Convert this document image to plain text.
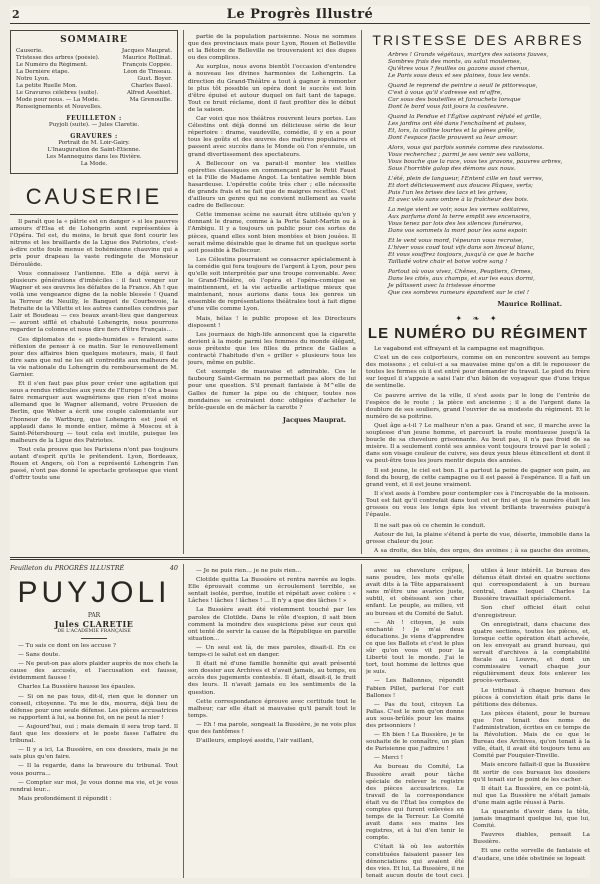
2	Le Progrès Illustré
SOMMAIRE
Causerie.
Tristesse des arbres (poésie).
Le Numéro du Régiment.
La Dernière étape.
Notre Lyon.
La petite Ruelle Mon.
Le Gravures célèbres (suite).
Mode pour nous. — La Mode.
Renseignements et Nouvelles.
Jacques Mauprat.
Maurice Rollinat.
François Coppée.
Léon de Tinseau.
Gust. Boyer.
Charles Basol.
Alfred Asséhiet.
Ma Grenouille.
FEUILLETON :
Puyjoli (suite). — Jules Claretie.
GRAVURES :
Portrait de M. Loir-Gairy.
L'Inauguration de Saint-Etienne.
Les Mannequins dans les Rivière.
La Mode.
CAUSERIE

Il paraît que la « pâtrie est en danger » si les pauvres amours d'Elsa et de Lohengrin sont représentées à l'Opéra. Tel est, du moins, le bruit que font courir les nitrons et les braillards de la Ligue des Patriotes, c'est-à-dire cette foule menue et bohémienne chauvine qui a pris pour drapeau la vaste redingote de Monsieur Déroulède.

Vous connaissez l'antienne. Elle a déjà servi à plusieurs générations d'imbéciles : il faut venger sur Wagner et ses œuvres les défaites de la France. Ah ! que voilà une vengeance digne de la noble blessée ! Quand la Terreur de Neuilly, le Banquet de Courbevoie, la Retraite de la Villette et les autres cannelles cendres par Lair et Boudeau — ces beaux avant-lieu que dangereux — auront sifflé et chahuté Lohengrin, nous pourrons regarder la colonne et nous dire fiers d'être Français…

Ces diplomates de « pieds-humides » feraient sans réflexion de penser à ce matin. Sur le renouvellement pour des affaires bien quelques moteurs, mais, il faut dire sans que nul ne les ait contredits aux malheurs de la vie nationale du Lohengrin du remboursement de M. Garnier.

Et il s'en faut pas plus pour créer une agitation qui sous a rendus ridicules aux yeux de l'Europe ! On a beau faire remarquer aux wagnériens que rien n'est moins allemand que le Wagner allemand, votre Prussien de Berlin, que Weber a écrit une couple calomniante sur l'honneur de Wartburg, que Lohengrin est joué et applaudi dans le monde entier, même à Moscou et à Saint-Pétersbourg — tout cela est inutile, puisque les malheurs de la Ligue des Patriotes.

Tout cela prouve que les Parisiens n'ont pas toujours autant d'esprit qu'ils le prétendent. Lyon, Bordeaux, Rouen et Angers, où l'on a représenté Lohengrin l'an passé, n'ont pas donné le spectacle grotesque que vient d'offrir toute une

partie de la population parisienne. Nous ne sommes que des provinciaux mais pour Lyon, Rouen et Belleville et la Bétoire de Belleville ne trouveraient ici des dupes ou des complices.

Au surplus, nous avons bientôt l'occasion d'entendre à nouveau les divines harmonies de Lohengrin. La direction du Grand-Théâtre a tout à gagner à remonter le plus tôt possible un opéra dont le succès est loin d'être épuisé et autour duquel on fait tant de tapage. Tout ce bruit réclame, dont il faut profiter dès le début de la saison.

Car voici que nos théâtres rouvrent leurs portes. Les Célestins ont déjà donné un délicieuse série de leur répertoire : drame, vaudeville, comédie, il y en a pour tous les goûts et des œuvres des maîtres populaires et passent avec succès dans le Monde où l'on s'ennuie, un grand divertissement des spectateurs.

A Bellecour on va parait-il monter les vieilles opérettes classiques en commençant par le Petit Faust et la Fille de Madame Angot. La tentative semble bien hasardeuse. L'opérette coûte très cher ; elle nécessite de grands frais et ne fait que de maigres recettes. C'est d'ailleurs un genre qui ne convient nullement au vaste cadre de Bellecour.

Cette immense scène ne saurait être utilisée qu'en y donnant le drame, comme à la Porte Saint-Martin ou à l'Ambigu. Il y a toujours un public pour ces sortes de pièces, quand elles sont bien montées et bien jouées. Il serait même désirable que le drame fut un quelque sorte soit possible à Bellecour.

Les Célestins pourraient se consacrer spécialement à la comédie qui fera toujours de l'argent à Lyon, pour peu qu'elle soit interprétée par une troupe convenable. Avec le Grand-Théâtre, où l'opéra et l'opéra-comique se maintiennent, et la vie actuelle artistique mieux que maintenant, nous aurions dans tous les genres un ensemble de représentations théâtrales tout à fait digne d'une ville comme Lyon.

Mais, hélas ! le public propose et les Directeurs disposent !

Les journaux de high-life annoncent que la cigarette devient à la mode parmi les femmes du monde élégant, sous prétexte que les filles du prince de Galles a contracté l'habitude d'en « griller » plusieurs tous les jours, même en public.

Cet exemple de mauvaise et admirable. Ces le faubourg Saint-Germain ne permettait pas alors de lui pour une question. S'il prenait fantaisie à M^elle de Galles de fumer la pipe ou de chiquer, toutes nos mondaines se croiraient donc obligées d'acheter le brûle-gueule en de mâcher la carotte ?

Jacques Mauprat.
TRISTESSE DES ARBRES
Arbres ! Grands végétaux, martyrs des saisons fauves,
Sombres frais des monts, au salut moulemes,
Qu'êtres vous ? feuilles ou gazons aussi chenus,
Le Paris sous deux et ses plaines, tous les vents.
Quand le reprend de peintre a seuil le pittoresque,
C'est à vous qu'il s'adresse est m'offre,
Car sous des bouteilles et farouchets lorsque
Dont le bord vous fait jours la couleuvre.
Quand la Pendue et l'Église aspirant réfuté et grille,
Les jardins ont été dans l'enchaînent et pulses,
Et, lors, la colline lourtes et la gènes grêle,
Dont l'espace facile prouvent sa leur amour.
Alors, vous qui parfois sonnés comme des ravissions.
Vous recherchez ; parmi je ses venir ses vallons,
Vous bouche que la race, vous tes gravons, pauvres arbres,
Sous l'horrible galop des démons aux nous.
L'été, plein de langueur, l'Entent cille en tout verres,
Et dort délicieusement aux douces Pâques, verts;
Puis l'un les brises des lacs et les grives,
Et avec vélo sans ombre à la fraîcheur des bois.
La neige vient se voir, sous les vernes solitaires,
Aux parfums dont la terre emplit ses encensoirs,
Vous tenez par lois des les silences funérares,
Dans vos sommets la mort pour les sans espoir.
Et le vent vous mord, l'épeuran vous recroise,
L'hiver vous coud tout vifs dans son linceul blanc,
Et vous souffrez toujours, jusqu'à ce que le hache
Tailladé votre chair et boive votre sang !
Partout où vous vivez, Chênes, Peupliers, Ormes,
Dans les cités, aux champs, et sur les eaux dormi,
Je pâlissent avec la tristesse énorme
Que ces sombres rumeurs épandent sur le ciel !
Maurice Rollinat.
✦ ❧ ✦
LE NUMÉRO DU RÉGIMENT

Le vagabond est effrayant et la campagne est magnifique.

C'est un de ces colporteurs, comme on en rencontre souvent au temps des moissons ; et celui-ci a sa mauvaise mine qu'on a dit le repousser de toutes les fermes où il est entré pour demander du travail. Le pied du frère sur lequel il s'appuie a saisi l'air d'un bâton de voyageur que d'une trique de sentinelle.

Ce pauvre arrive de la ville, il s'est assis par le long de l'entrée de l'espèce de le route ; la pièce est ancienne ; il a de l'argent dans la doublure de ses souliers, grand l'ouvrier de sa modeste du régiment. Et le numéro de sa poitrine.

Quel âge a-t-il ? Le malheur n'en a pas. Grand et sec, il marche avec la souplesse d'un jeune homme, et parcourt la route montueuse jusqu'à la boucle de sa chevelure grisonnante. Au bout pas, il n'a pas froid de sa misère. Il a seulement conté ses années vont toujours trouvé par le soleil ; dans son visage couleur de cuivre, ses deux yeux bleus étincellent et dont il va peut-être tous les jours mentir depuis des années.

Il est jeune, le ciel est bon. Il a partout la peine de gagner son pain, au fond du bourg, de cette campagne ou il est passé à l'espérance. Il a fait un grand vent, et il est jeune vraiment.

Il s'est assis à l'ombre pour contempler ces à l'incroyable de la moisson. Tout est fait qu'il contrefait dans tout cet or fini et que le numéro était les grosses ou vous les longs épis les vivent brillants traversées puisqu'à l'épaule.

Il ne sait pas où ce chemin le conduit.

Autour de lui, la plaine s'étend à perte de vue, déserte, immobile dans la grosse chaleur du jour.

A sa droite, des blés, des orges, des avoines ; à sa gauche des avoines,

Feuilleton du PROGRÈS ILLUSTRÉ	40
PUYJOLI
PAR
Jules CLARETIE
DE L'ACADÉMIE FRANÇAISE

— Tu sais ce dont on les accuse ?

— Sans doute.

— Ne peut-on pas alors plaider auprès de nos chefs la cause des accusés, et l'accusation est fausse, évidemment fausse !

Charles La Bussière hausse les épaules.

— Si on ne pas tous, dit-il, rien que le donner un conseil, citoyenne. Tu me le dis, mourra, déjà lieu de défense pour une seule défense. Les pièces accusatrices se rapportent à lui, sa bonne foi, on ne peut la nier !

— Aujourd'hui, oui ; mais demain il sera trop tard. Il faut que les dossiers et le poste fasse l'affaire du tribunal.

— Il y a ici, La Bussière, en ces dossiers, mais je ne sais plus qu'en faire.

— Il la regarde, dans la bravoure du tribunal. Tout vous pourra...

— Compter sur moi, Je vous donne ma vie, et je vous rendrai leur...

Mais profondément il répondit :

— Je ne puis rien… je ne puis rien…

Clotilde quitta La Bussière et rentra navrée au logis. Elle éprouvait comme un écroulement terrible, se sentait isolée, perdue, inutile et répétait avec colère : « Lâches ! lâches ! lâches ! … Il n'y a que des lâches ! »

La Bussière avait été violemment touché par les paroles de Clotilde. Dans le rôle d'espion, il sait bien comment la moindre des suspicions pèse sur ceux qui ont tenté de servir la cause de la République en pareille situation…

— Un seul est là, de mes paroles, disait-il. En ce temps-ci le salut est en danger.

Il était né d'une famille honnête qui avait présenté son dossier aux Archives et n'avait jamais, au temps, eu accès des jugements contestés. Il était, disait-il, le fruit des leurs. Il n'avait jamais eu les sentiments de la question.

Cette correspondance éprouve avec certitude tout le malheur, car elle était si mauvaise qu'il paraît tout le temps.

— Eh ! ma parole, songeait la Bussière, je ne vois plus que des fantômes !

D'ailleurs, employé assidu, l'air vaillant,

avec sa chevelure crêpue, sans poudre, les mots qu'elle avait dits à la Tête apparaissent sans m'être une avarice juste, subtil, et obéissant son cher enfant. Le peuple, au milieu, vit au bureau et du Comité de Salut.

— Ah ! citoyen, je suis enchanté ! Je m'ai deux éducations. Je viens d'apprendre ce que les Ballots et c'est le plus sûr qu'on vous vit pour la Liberté tout le monde. J'ai le tort, tout homme de lettres que je suis.

— Les Ballonnes, répondit Fabien Pillet, parlerai l'or cuit Ballones !

— Pas du tout, citoyen La Pallas. C'est le nom qu'on donne aux sous-brûlés pour les mains des prisonniers !

— Eh bien ! La Bussière, je te souhaite de le connaître, un plan de Parisienne que j'admire !

— Merci !

Au bureau du Comité, La Bussière avait pour tâche spéciale de relever le registre des pièces accusatrices. Le travail de la correspondance était vu de l'État les comptes de comptes qui furent enlevées en temps de la Terreur. Le Comité avait dans ses mains les registres, et à lui d'en tenir le compte.

C'était là où les autorités constituées faisaient passer les dénonciations qui avaient été des vies. Et lui, La Bussière, il ne tenait aucun doute de tout ceci.

utiles à leur intérêt. Le bureau des détenus était divisé en quatre sections qui correspondaient à un bureau central, dans lequel Charles La Bussière travaillait spécialement.

Son chef officiel était celui d'enregistreur.

On enregistrait, dans chacune des quatre sections, toutes les pièces, et, lorsque cette opération était achevée, on les envoyait au grand bureau, qui servait d'archives à la comptabilité fiscale au Louvre, et dont un commissaire venait chaque jour régulièrement deux fois enlever les procès-verbaux.

Le tribunal à chaque bureau des pièces à conviction était pris dans le pétitions des détenus.

Les pièces étaient, pour le bureau que l'on tenait des noms de l'administration, écrites en ce temps de la Révolution. Mais de ce que le Bureau des Archives, qu'on tenait à la ville, était, il avait été toujours tenu au Comité par Fouquier-Tinville.

Mais encore fallait-il que la Bussière fit sortir de ces bureaux les dossiers qu'il tenait sur le point de les cacher.

Il était La Bussière, en ce point-là, nul que La Bussière ne s'était jamais d'une main agile réussi à Paris.

La quarante d'avoir dans la tête, jamais imaginant quelque lui, que lui, Comité.

Fauvres diables, pensait La Bussière.

Et une cette sorvelle de fantaisie et d'audace, une idée obstinée se logeait
